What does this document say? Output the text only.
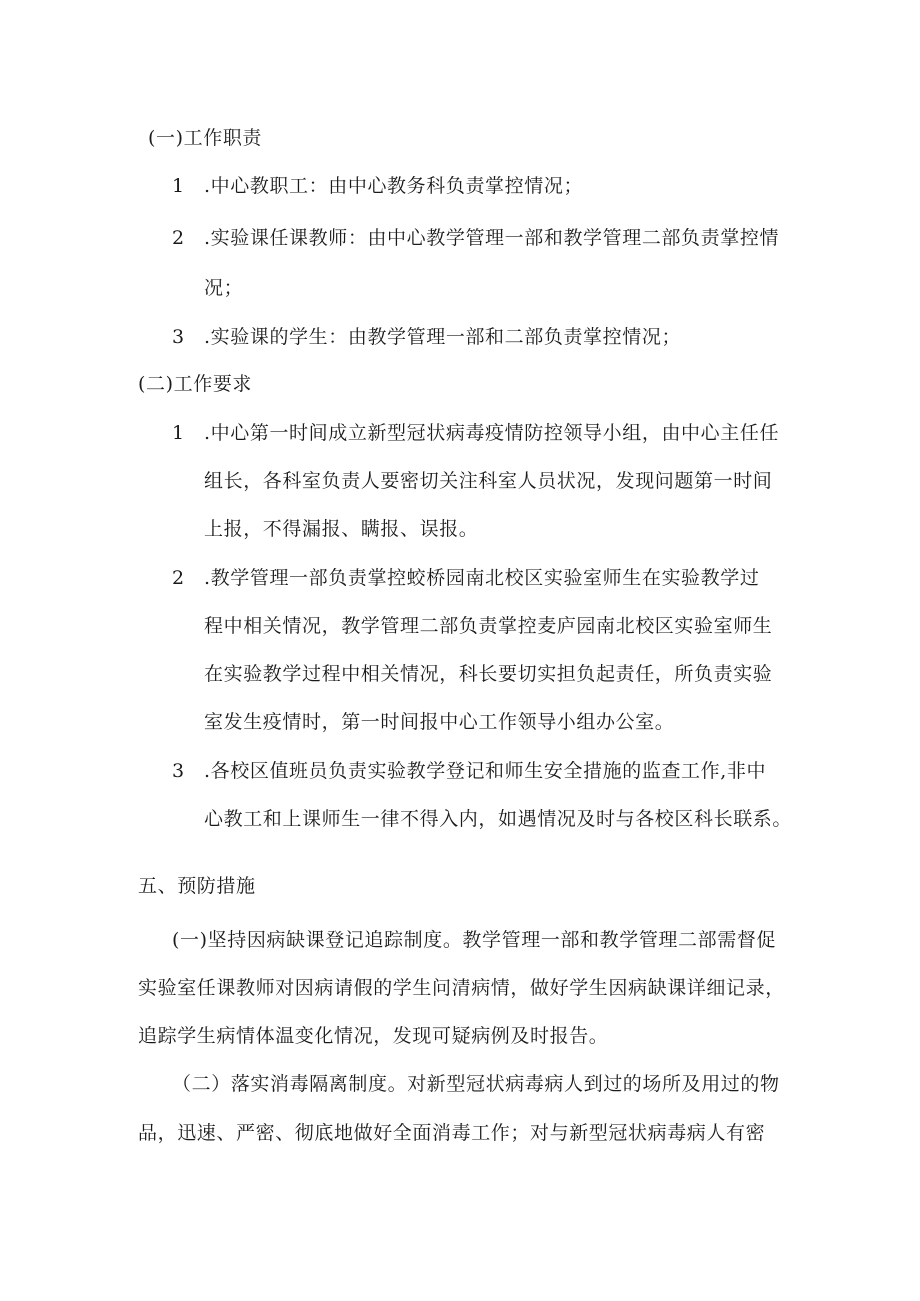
(一)工作职责
1 .中心教职工：由中心教务科负责掌控情况；
2 .实验课任课教师：由中心教学管理一部和教学管理二部负责掌控情
况；
3 .实验课的学生：由教学管理一部和二部负责掌控情况；
(二)工作要求
1 .中心第一时间成立新型冠状病毒疫情防控领导小组，由中心主任任
组长，各科室负责人要密切关注科室人员状况，发现问题第一时间
上报，不得漏报、瞒报、误报。
2 .教学管理一部负责掌控蛟桥园南北校区实验室师生在实验教学过
程中相关情况，教学管理二部负责掌控麦庐园南北校区实验室师生
在实验教学过程中相关情况，科长要切实担负起责任，所负责实验
室发生疫情时，第一时间报中心工作领导小组办公室。
3 .各校区值班员负责实验教学登记和师生安全措施的监查工作,非中
心教工和上课师生一律不得入内，如遇情况及时与各校区科长联系。
五、预防措施
(一)坚持因病缺课登记追踪制度。教学管理一部和教学管理二部需督促
实验室任课教师对因病请假的学生问清病情，做好学生因病缺课详细记录，
追踪学生病情体温变化情况，发现可疑病例及时报告。
（二）落实消毒隔离制度。对新型冠状病毒病人到过的场所及用过的物
品，迅速、严密、彻底地做好全面消毒工作；对与新型冠状病毒病人有密
